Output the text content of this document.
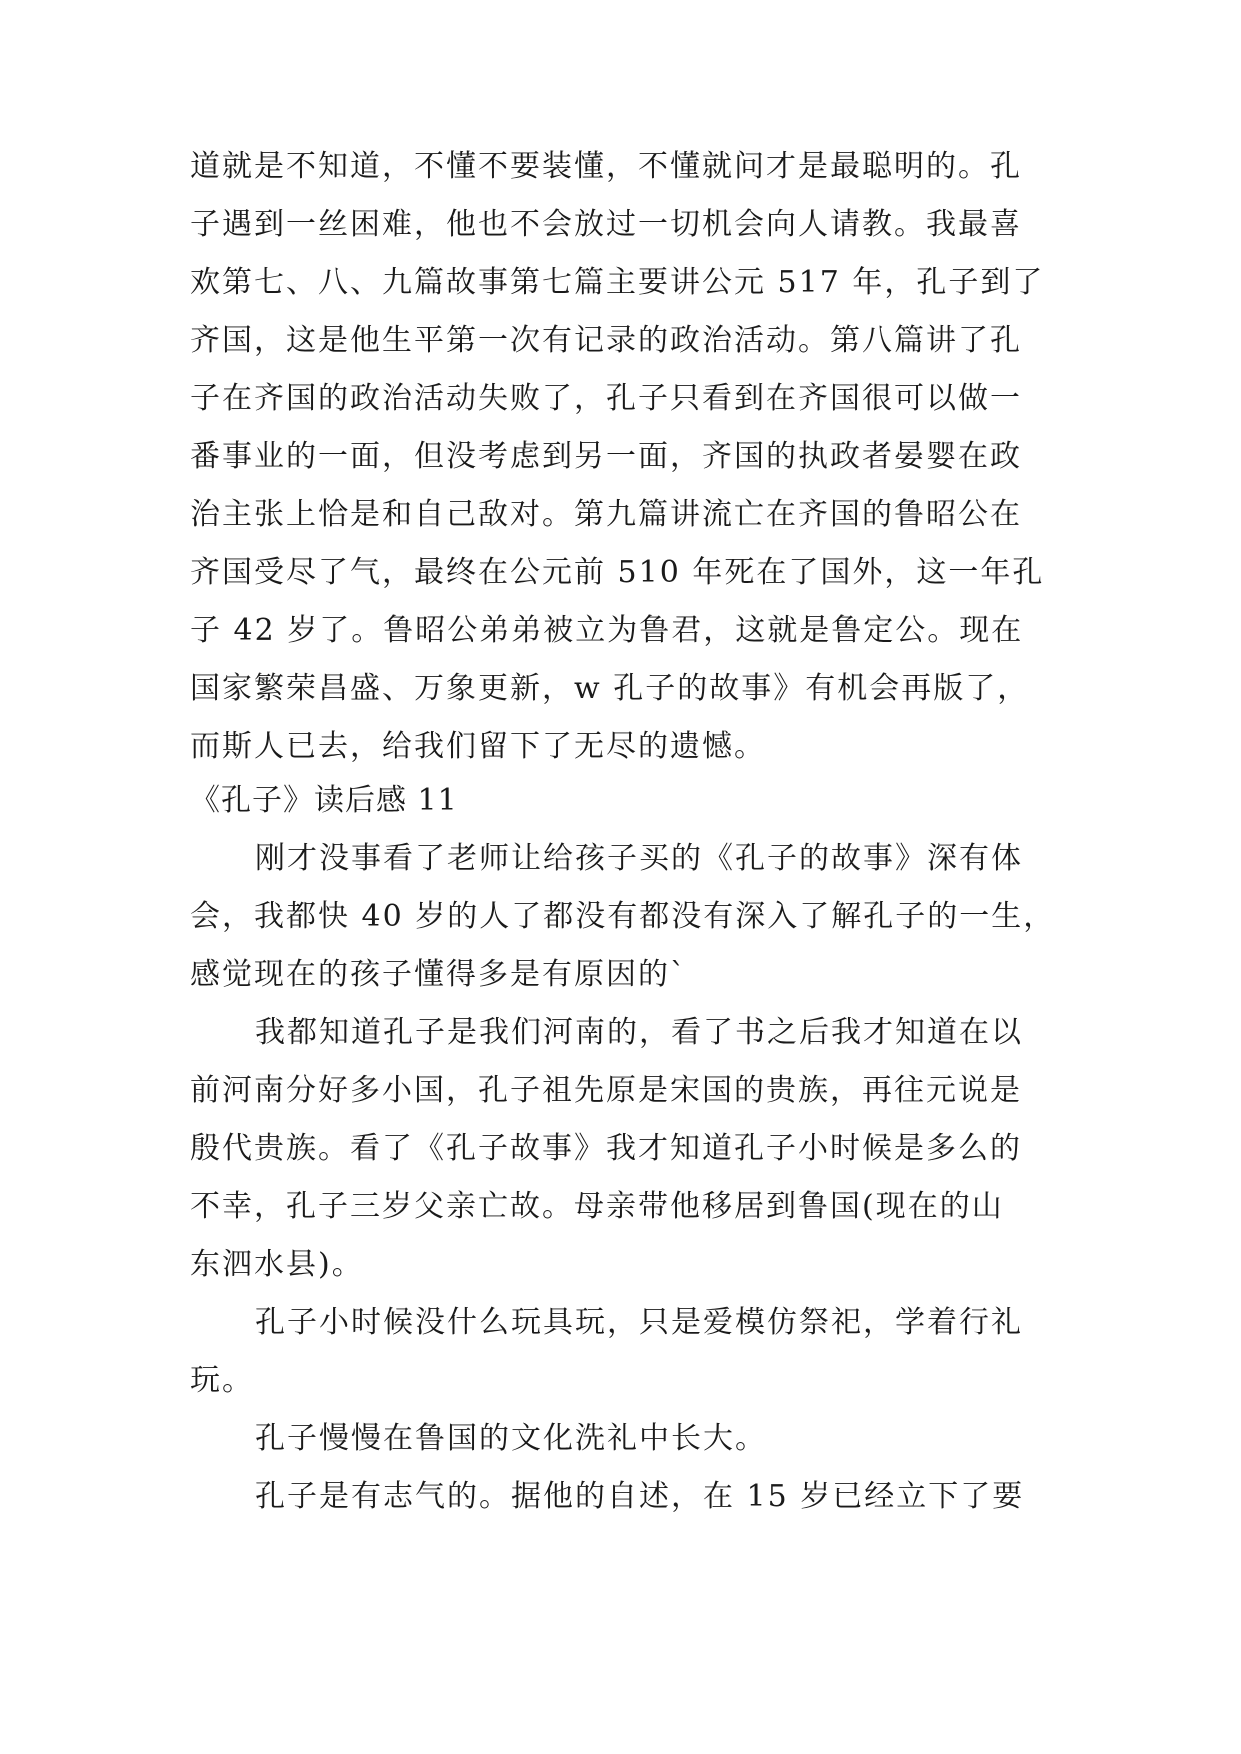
道就是不知道，不懂不要装懂，不懂就问才是最聪明的。孔
子遇到一丝困难，他也不会放过一切机会向人请教。我最喜
欢第七、八、九篇故事第七篇主要讲公元 517 年，孔子到了
齐国，这是他生平第一次有记录的政治活动。第八篇讲了孔
子在齐国的政治活动失败了，孔子只看到在齐国很可以做一
番事业的一面，但没考虑到另一面，齐国的执政者晏婴在政
治主张上恰是和自己敌对。第九篇讲流亡在齐国的鲁昭公在
齐国受尽了气，最终在公元前 510 年死在了国外，这一年孔
子 42 岁了。鲁昭公弟弟被立为鲁君，这就是鲁定公。现在
国家繁荣昌盛、万象更新，w 孔子的故事》有机会再版了，
而斯人已去，给我们留下了无尽的遗憾。
《孔子》读后感 11
刚才没事看了老师让给孩子买的《孔子的故事》深有体
会，我都快 40 岁的人了都没有都没有深入了解孔子的一生，
感觉现在的孩子懂得多是有原因的`
我都知道孔子是我们河南的，看了书之后我才知道在以
前河南分好多小国，孔子祖先原是宋国的贵族，再往元说是
殷代贵族。看了《孔子故事》我才知道孔子小时候是多么的
不幸，孔子三岁父亲亡故。母亲带他移居到鲁国(现在的山
东泗水县)。
孔子小时候没什么玩具玩，只是爱模仿祭祀，学着行礼
玩。
孔子慢慢在鲁国的文化洗礼中长大。
孔子是有志气的。据他的自述，在 15 岁已经立下了要
